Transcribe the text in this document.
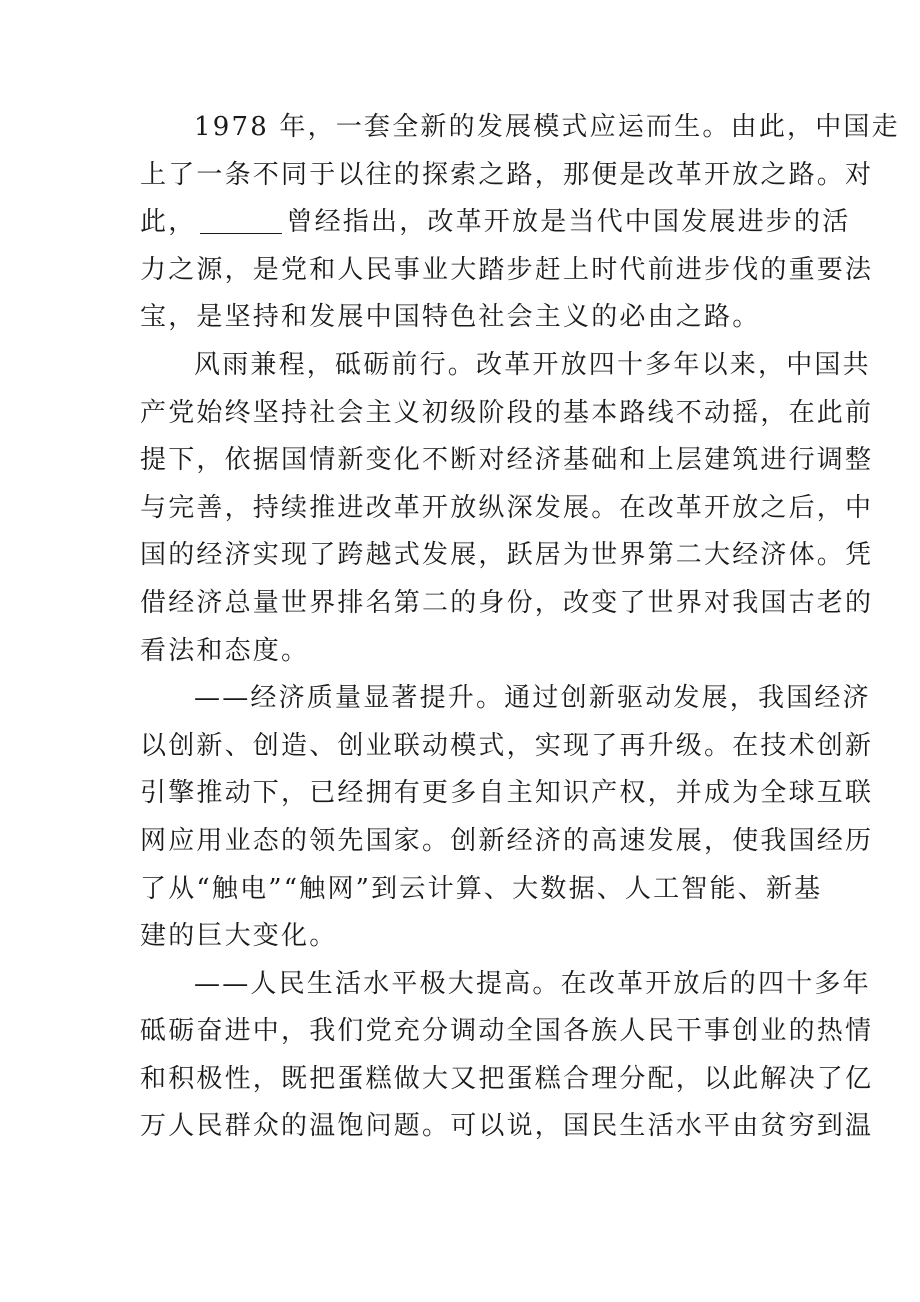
1978 年，一套全新的发展模式应运而生。由此，中国走
上了一条不同于以往的探索之路，那便是改革开放之路。对
此，	曾经指出，改革开放是当代中国发展进步的活
力之源，是党和人民事业大踏步赶上时代前进步伐的重要法
宝，是坚持和发展中国特色社会主义的必由之路。
风雨兼程，砥砺前行。改革开放四十多年以来，中国共
产党始终坚持社会主义初级阶段的基本路线不动摇，在此前
提下，依据国情新变化不断对经济基础和上层建筑进行调整
与完善，持续推进改革开放纵深发展。在改革开放之后，中
国的经济实现了跨越式发展，跃居为世界第二大经济体。凭
借经济总量世界排名第二的身份，改变了世界对我国古老的
看法和态度。
——经济质量显著提升。通过创新驱动发展，我国经济
以创新、创造、创业联动模式，实现了再升级。在技术创新
引擎推动下，已经拥有更多自主知识产权，并成为全球互联
网应用业态的领先国家。创新经济的高速发展，使我国经历
了从“触电”“触网”到云计算、大数据、人工智能、新基
建的巨大变化。
——人民生活水平极大提高。在改革开放后的四十多年
砥砺奋进中，我们党充分调动全国各族人民干事创业的热情
和积极性，既把蛋糕做大又把蛋糕合理分配，以此解决了亿
万人民群众的温饱问题。可以说，国民生活水平由贫穷到温
